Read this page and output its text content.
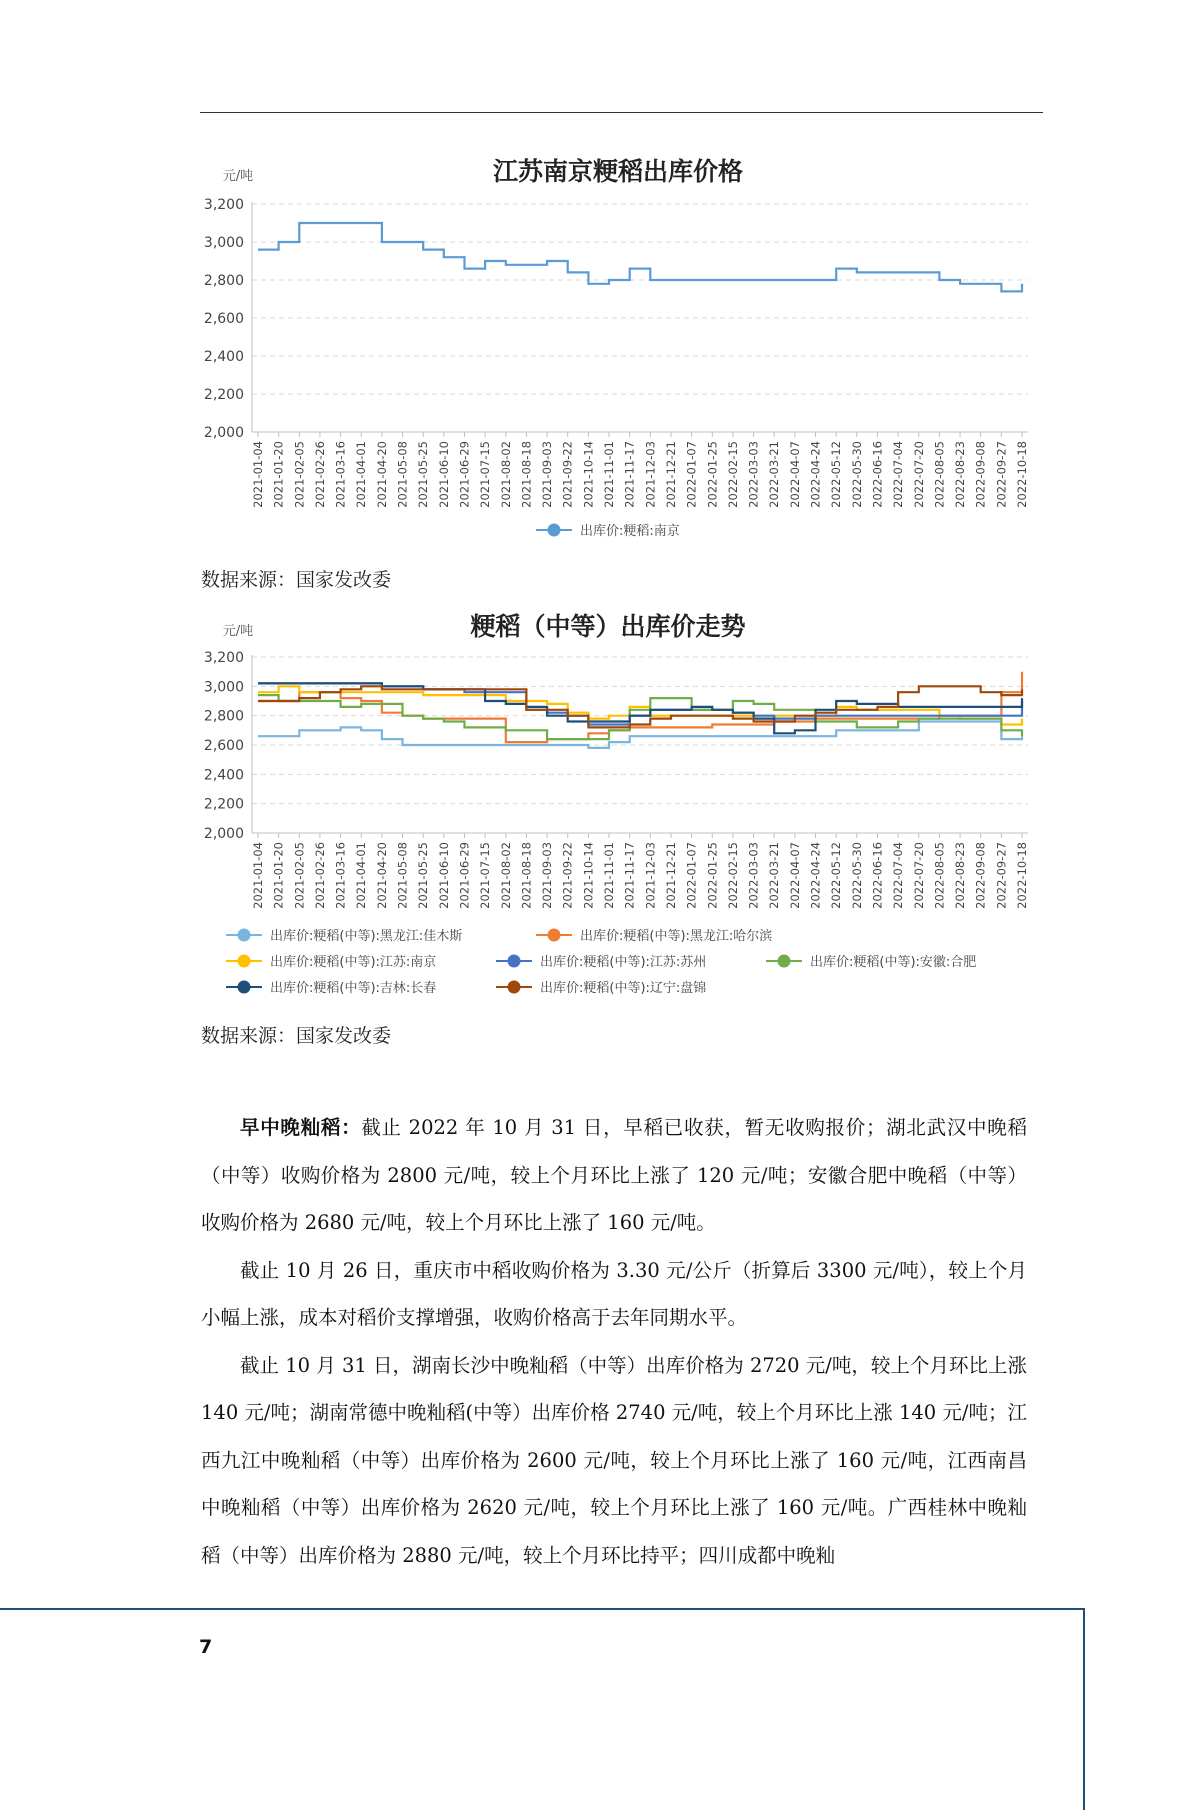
江苏南京粳稻出库价格
元/吨
2,000
2,200
2,400
2,600
2,800
3,000
3,200
2021-01-04 2021-01-20 2021-02-05 2021-02-26 2021-03-16 2021-04-01 2021-04-20 2021-05-08 2021-05-25 2021-06-10 2021-06-29 2021-07-15 2021-08-02 2021-08-18 2021-09-03 2021-09-22 2021-10-14 2021-11-01 2021-11-17 2021-12-03 2021-12-21 2022-01-07 2022-01-25 2022-02-15 2022-03-03 2022-03-21 2022-04-07 2022-04-24 2022-05-12 2022-05-30 2022-06-16 2022-07-04 2022-07-20 2022-08-05 2022-08-23 2022-09-08 2022-09-27 2022-10-18
出库价:粳稻:南京
数据来源：国家发改委
粳稻（中等）出库价走势
元/吨
2,000
2,200
2,400
2,600
2,800
3,000
3,200
2021-01-04 2021-01-20 2021-02-05 2021-02-26 2021-03-16 2021-04-01 2021-04-20 2021-05-08 2021-05-25 2021-06-10 2021-06-29 2021-07-15 2021-08-02 2021-08-18 2021-09-03 2021-09-22 2021-10-14 2021-11-01 2021-11-17 2021-12-03 2021-12-21 2022-01-07 2022-01-25 2022-02-15 2022-03-03 2022-03-21 2022-04-07 2022-04-24 2022-05-12 2022-05-30 2022-06-16 2022-07-04 2022-07-20 2022-08-05 2022-08-23 2022-09-08 2022-09-27 2022-10-18
出库价:粳稻(中等):黑龙江:佳木斯	出库价:粳稻(中等):黑龙江:哈尔滨
出库价:粳稻(中等):江苏:南京	出库价:粳稻(中等):江苏:苏州	出库价:粳稻(中等):安徽:合肥
出库价:粳稻(中等):吉林:长春	出库价:粳稻(中等):辽宁:盘锦
数据来源：国家发改委

早中晚籼稻：截止 2022 年 10 月 31 日，早稻已收获，暂无收购报价；湖北武汉中晚稻（中等）收购价格为 2800 元/吨，较上个月环比上涨了 120 元/吨；安徽合肥中晚稻（中等）收购价格为 2680 元/吨，较上个月环比上涨了 160 元/吨。

截止 10 月 26 日，重庆市中稻收购价格为 3.30 元/公斤（折算后 3300 元/吨），较上个月小幅上涨，成本对稻价支撑增强，收购价格高于去年同期水平。

截止 10 月 31 日，湖南长沙中晚籼稻（中等）出库价格为 2720 元/吨，较上个月环比上涨 140 元/吨；湖南常德中晚籼稻(中等）出库价格 2740 元/吨，较上个月环比上涨 140 元/吨；江西九江中晚籼稻（中等）出库价格为 2600 元/吨，较上个月环比上涨了 160 元/吨，江西南昌中晚籼稻（中等）出库价格为 2620 元/吨，较上个月环比上涨了 160 元/吨。广西桂林中晚籼稻（中等）出库价格为 2880 元/吨，较上个月环比持平；四川成都中晚籼

7
